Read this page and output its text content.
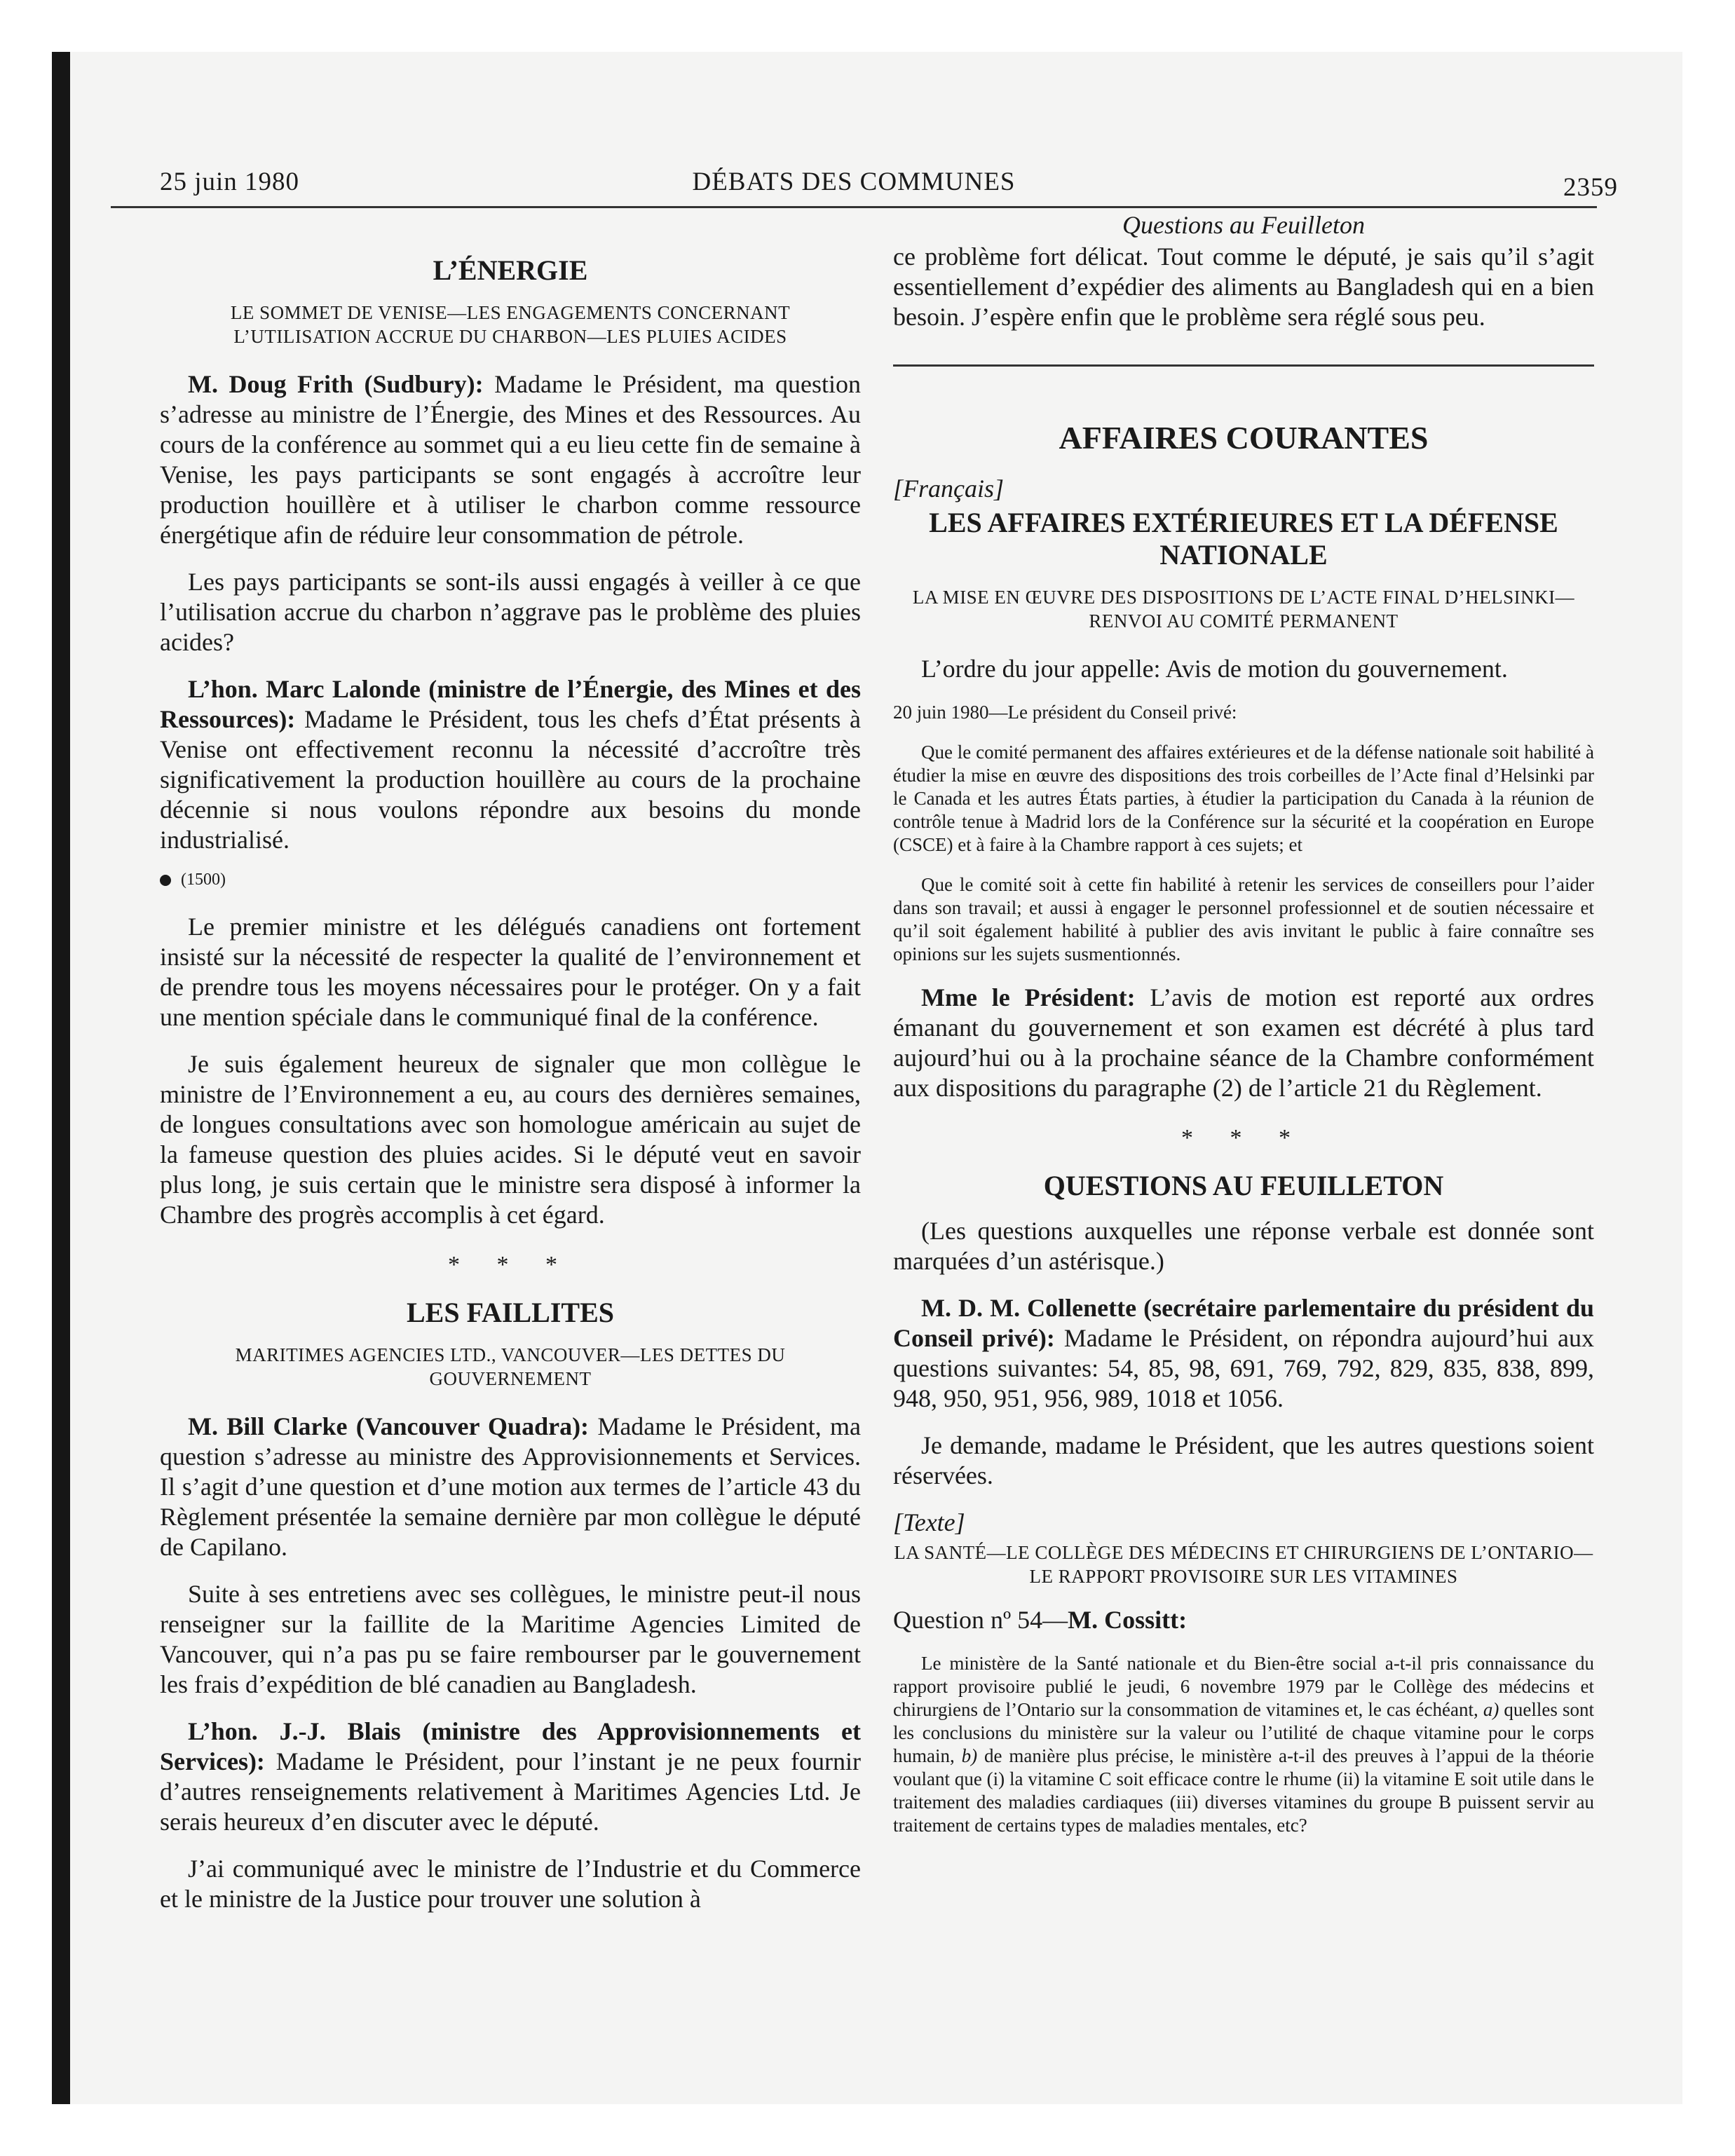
25 juin 1980	DÉBATS DES COMMUNES	2359
L’ÉNERGIE
LE SOMMET DE VENISE—LES ENGAGEMENTS CONCERNANT L’UTILISATION ACCRUE DU CHARBON—LES PLUIES ACIDES

M. Doug Frith (Sudbury): Madame le Président, ma question s’adresse au ministre de l’Énergie, des Mines et des Ressources. Au cours de la conférence au sommet qui a eu lieu cette fin de semaine à Venise, les pays participants se sont engagés à accroître leur production houillère et à utiliser le charbon comme ressource énergétique afin de réduire leur consommation de pétrole.

Les pays participants se sont-ils aussi engagés à veiller à ce que l’utilisation accrue du charbon n’aggrave pas le problème des pluies acides?

L’hon. Marc Lalonde (ministre de l’Énergie, des Mines et des Ressources): Madame le Président, tous les chefs d’État présents à Venise ont effectivement reconnu la nécessité d’accroître très significativement la production houillère au cours de la prochaine décennie si nous voulons répondre aux besoins du monde industrialisé.

(1500)

Le premier ministre et les délégués canadiens ont fortement insisté sur la nécessité de respecter la qualité de l’environnement et de prendre tous les moyens nécessaires pour le protéger. On y a fait une mention spéciale dans le communiqué final de la conférence.

Je suis également heureux de signaler que mon collègue le ministre de l’Environnement a eu, au cours des dernières semaines, de longues consultations avec son homologue américain au sujet de la fameuse question des pluies acides. Si le député veut en savoir plus long, je suis certain que le ministre sera disposé à informer la Chambre des progrès accomplis à cet égard.

* * *
LES FAILLITES
MARITIMES AGENCIES LTD., VANCOUVER—LES DETTES DU GOUVERNEMENT

M. Bill Clarke (Vancouver Quadra): Madame le Président, ma question s’adresse au ministre des Approvisionnements et Services. Il s’agit d’une question et d’une motion aux termes de l’article 43 du Règlement présentée la semaine dernière par mon collègue le député de Capilano.

Suite à ses entretiens avec ses collègues, le ministre peut-il nous renseigner sur la faillite de la Maritime Agencies Limited de Vancouver, qui n’a pas pu se faire rembourser par le gouvernement les frais d’expédition de blé canadien au Bangladesh.

L’hon. J.-J. Blais (ministre des Approvisionnements et Services): Madame le Président, pour l’instant je ne peux fournir d’autres renseignements relativement à Maritimes Agencies Ltd. Je serais heureux d’en discuter avec le député.

J’ai communiqué avec le ministre de l’Industrie et du Commerce et le ministre de la Justice pour trouver une solution à

Questions au Feuilleton

ce problème fort délicat. Tout comme le député, je sais qu’il s’agit essentiellement d’expédier des aliments au Bangladesh qui en a bien besoin. J’espère enfin que le problème sera réglé sous peu.

AFFAIRES COURANTES
[Français]
LES AFFAIRES EXTÉRIEURES ET LA DÉFENSE NATIONALE
LA MISE EN ŒUVRE DES DISPOSITIONS DE L’ACTE FINAL D’HELSINKI—RENVOI AU COMITÉ PERMANENT

L’ordre du jour appelle: Avis de motion du gouvernement.

20 juin 1980—Le président du Conseil privé:

Que le comité permanent des affaires extérieures et de la défense nationale soit habilité à étudier la mise en œuvre des dispositions des trois corbeilles de l’Acte final d’Helsinki par le Canada et les autres États parties, à étudier la participation du Canada à la réunion de contrôle tenue à Madrid lors de la Conférence sur la sécurité et la coopération en Europe (CSCE) et à faire à la Chambre rapport à ces sujets; et

Que le comité soit à cette fin habilité à retenir les services de conseillers pour l’aider dans son travail; et aussi à engager le personnel professionnel et de soutien nécessaire et qu’il soit également habilité à publier des avis invitant le public à faire connaître ses opinions sur les sujets susmentionnés.

Mme le Président: L’avis de motion est reporté aux ordres émanant du gouvernement et son examen est décrété à plus tard aujourd’hui ou à la prochaine séance de la Chambre conformément aux dispositions du paragraphe (2) de l’article 21 du Règlement.

* * *
QUESTIONS AU FEUILLETON

(Les questions auxquelles une réponse verbale est donnée sont marquées d’un astérisque.)

M. D. M. Collenette (secrétaire parlementaire du président du Conseil privé): Madame le Président, on répondra aujourd’hui aux questions suivantes: 54, 85, 98, 691, 769, 792, 829, 835, 838, 899, 948, 950, 951, 956, 989, 1018 et 1056.

Je demande, madame le Président, que les autres questions soient réservées.

[Texte]
LA SANTÉ—LE COLLÈGE DES MÉDECINS ET CHIRURGIENS DE L’ONTARIO—LE RAPPORT PROVISOIRE SUR LES VITAMINES

Question nº 54—M. Cossitt:

Le ministère de la Santé nationale et du Bien-être social a-t-il pris connaissance du rapport provisoire publié le jeudi, 6 novembre 1979 par le Collège des médecins et chirurgiens de l’Ontario sur la consommation de vitamines et, le cas échéant, a) quelles sont les conclusions du ministère sur la valeur ou l’utilité de chaque vitamine pour le corps humain, b) de manière plus précise, le ministère a-t-il des preuves à l’appui de la théorie voulant que (i) la vitamine C soit efficace contre le rhume (ii) la vitamine E soit utile dans le traitement des maladies cardiaques (iii) diverses vitamines du groupe B puissent servir au traitement de certains types de maladies mentales, etc?
